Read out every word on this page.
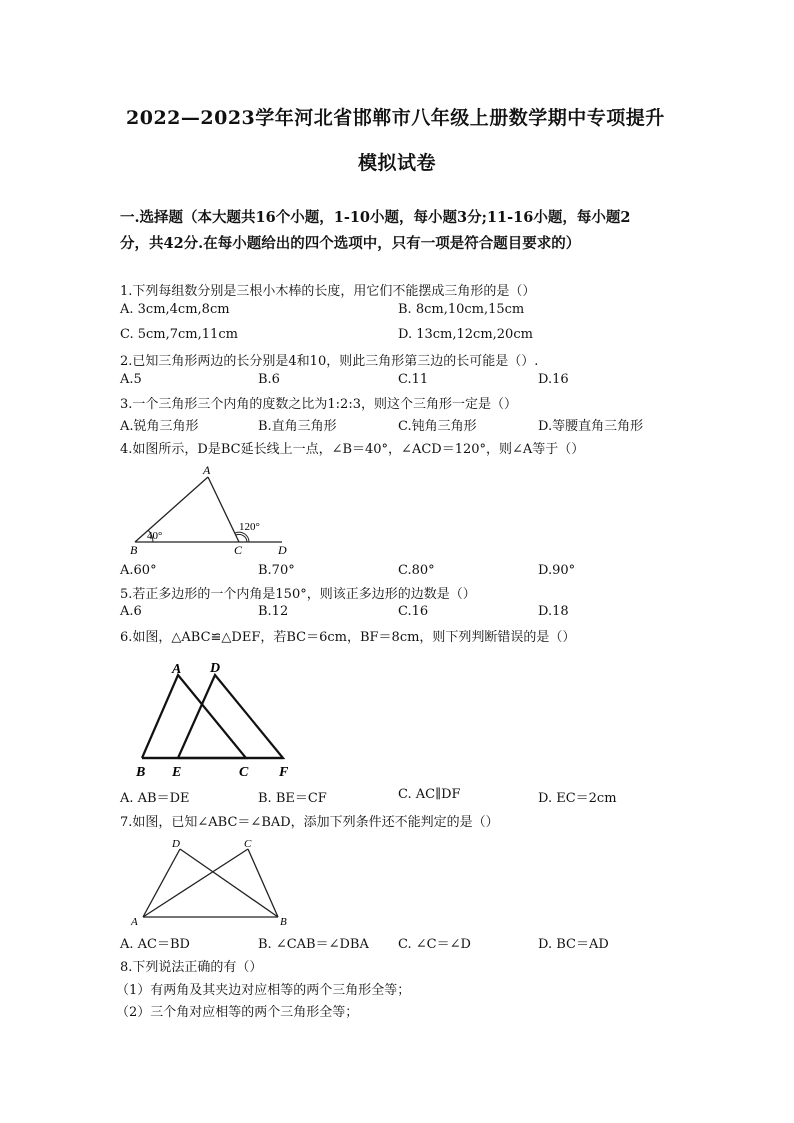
2022—2023学年河北省邯郸市八年级上册数学期中专项提升
模拟试卷
一.选择题（本大题共16个小题，1-10小题，每小题3分;11-16小题，每小题2
分，共42分.在每小题给出的四个选项中，只有一项是符合题目要求的）
1.下列每组数分别是三根小木棒的长度，用它们不能摆成三角形的是（）
A. 3cm,4cm,8cm	B. 8cm,10cm,15cm
C. 5cm,7cm,11cm	D. 13cm,12cm,20cm
2.已知三角形两边的长分别是4和10，则此三角形第三边的长可能是（）.
A.5	B.6	C.11	D.16
3.一个三角形三个内角的度数之比为1:2:3，则这个三角形一定是（）
A.锐角三角形	B.直角三角形	C.钝角三角形	D.等腰直角三角形
4.如图所示，D是BC延长线上一点，∠B＝40°，∠ACD＝120°，则∠A等于（）
A
B	C	D
40°
120°
A.60°	B.70°	C.80°	D.90°
5.若正多边形的一个内角是150°，则该正多边形的边数是（）
A.6	B.12	C.16	D.18
6.如图，△ABC≌△DEF，若BC＝6cm，BF＝8cm，则下列判断错误的是（）
A D
B E	C F
A. AB＝DE	B. BE＝CF	C. AC∥DF	D. EC＝2cm
7.如图，已知∠ABC＝∠BAD，添加下列条件还不能判定的是（）
D	C
A	B
A. AC＝BD	B. ∠CAB＝∠DBA C. ∠C＝∠D	D. BC＝AD
8.下列说法正确的有（）
（1）有两角及其夹边对应相等的两个三角形全等；
（2）三个角对应相等的两个三角形全等；
